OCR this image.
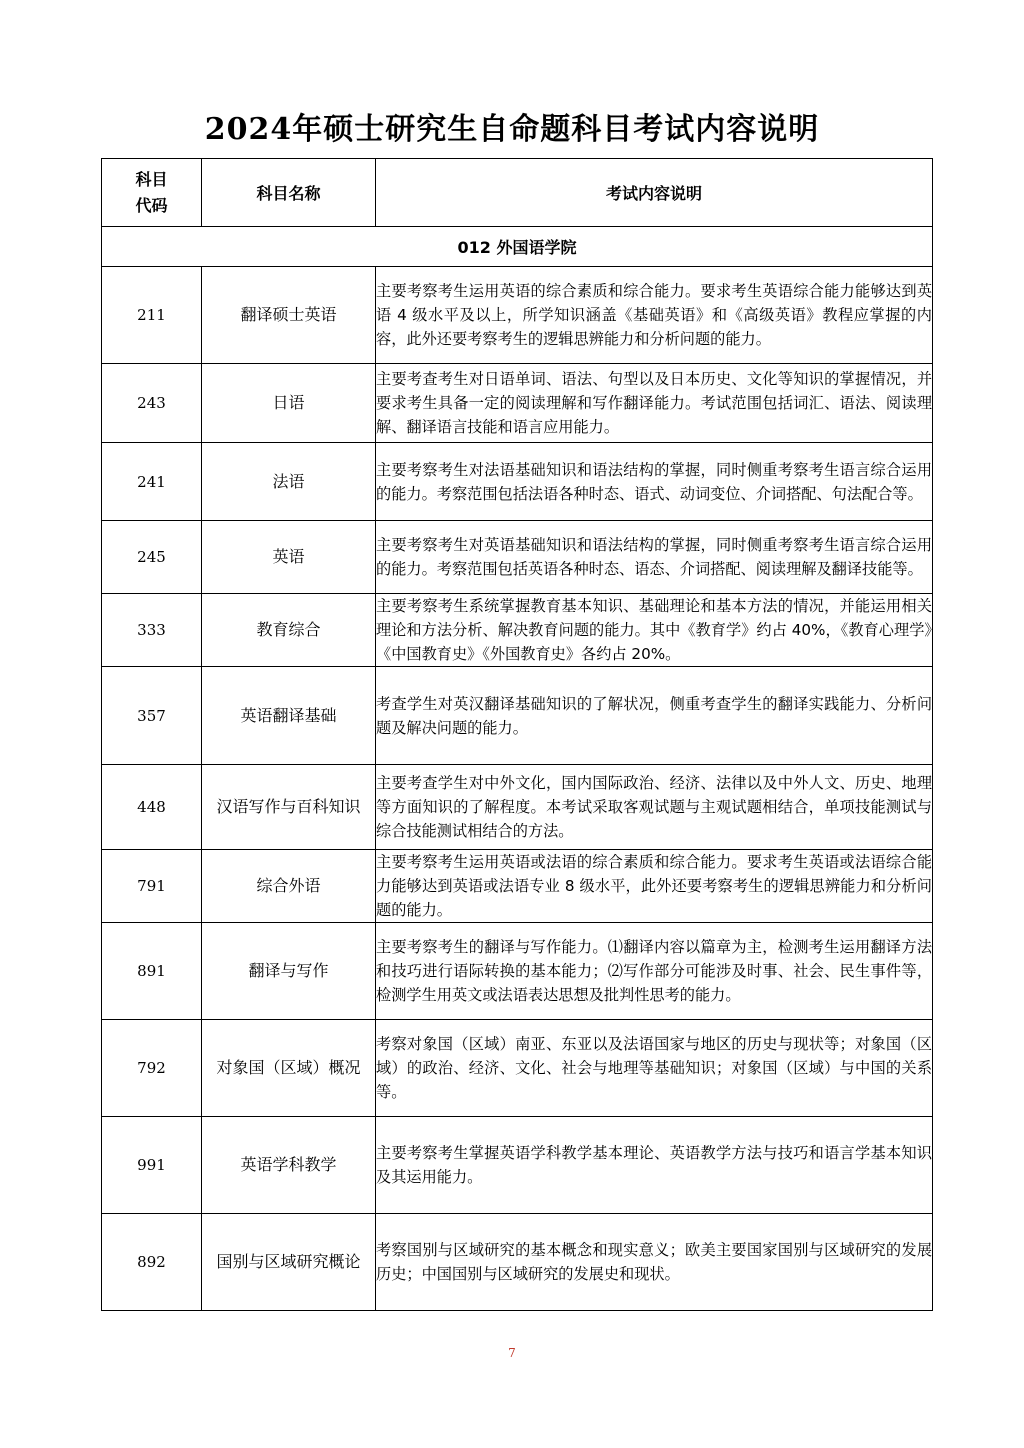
2024年硕士研究生自命题科目考试内容说明
科目代码	科目名称	考试内容说明
012 外国语学院		
211	翻译硕士英语	主要考察考生运用英语的综合素质和综合能力。要求考生英语综合能力能够达到英语 4 级水平及以上，所学知识涵盖《基础英语》和《高级英语》教程应掌握的内容，此外还要考察考生的逻辑思辨能力和分析问题的能力。
243	日语	主要考查考生对日语单词、语法、句型以及日本历史、文化等知识的掌握情况，并要求考生具备一定的阅读理解和写作翻译能力。考试范围包括词汇、语法、阅读理解、翻译语言技能和语言应用能力。
241	法语	主要考察考生对法语基础知识和语法结构的掌握，同时侧重考察考生语言综合运用的能力。考察范围包括法语各种时态、语式、动词变位、介词搭配、句法配合等。
245	英语	主要考察考生对英语基础知识和语法结构的掌握，同时侧重考察考生语言综合运用的能力。考察范围包括英语各种时态、语态、介词搭配、阅读理解及翻译技能等。
333	教育综合	主要考察考生系统掌握教育基本知识、基础理论和基本方法的情况，并能运用相关理论和方法分析、解决教育问题的能力。其中《教育学》约占 40%，《教育心理学》《中国教育史》《外国教育史》各约占 20%。
357	英语翻译基础	考查学生对英汉翻译基础知识的了解状况，侧重考查学生的翻译实践能力、分析问题及解决问题的能力。
448	汉语写作与百科知识	主要考查学生对中外文化，国内国际政治、经济、法律以及中外人文、历史、地理等方面知识的了解程度。本考试采取客观试题与主观试题相结合，单项技能测试与综合技能测试相结合的方法。
791	综合外语	主要考察考生运用英语或法语的综合素质和综合能力。要求考生英语或法语综合能力能够达到英语或法语专业 8 级水平，此外还要考察考生的逻辑思辨能力和分析问题的能力。
891	翻译与写作	主要考察考生的翻译与写作能力。⑴翻译内容以篇章为主，检测考生运用翻译方法和技巧进行语际转换的基本能力；⑵写作部分可能涉及时事、社会、民生事件等，检测学生用英文或法语表达思想及批判性思考的能力。
792	对象国（区域）概况	考察对象国（区域）南亚、东亚以及法语国家与地区的历史与现状等；对象国（区域）的政治、经济、文化、社会与地理等基础知识；对象国（区域）与中国的关系等。
991	英语学科教学	主要考察考生掌握英语学科教学基本理论、英语教学方法与技巧和语言学基本知识及其运用能力。
892	国别与区域研究概论	考察国别与区域研究的基本概念和现实意义；欧美主要国家国别与区域研究的发展历史；中国国别与区域研究的发展史和现状。
7
